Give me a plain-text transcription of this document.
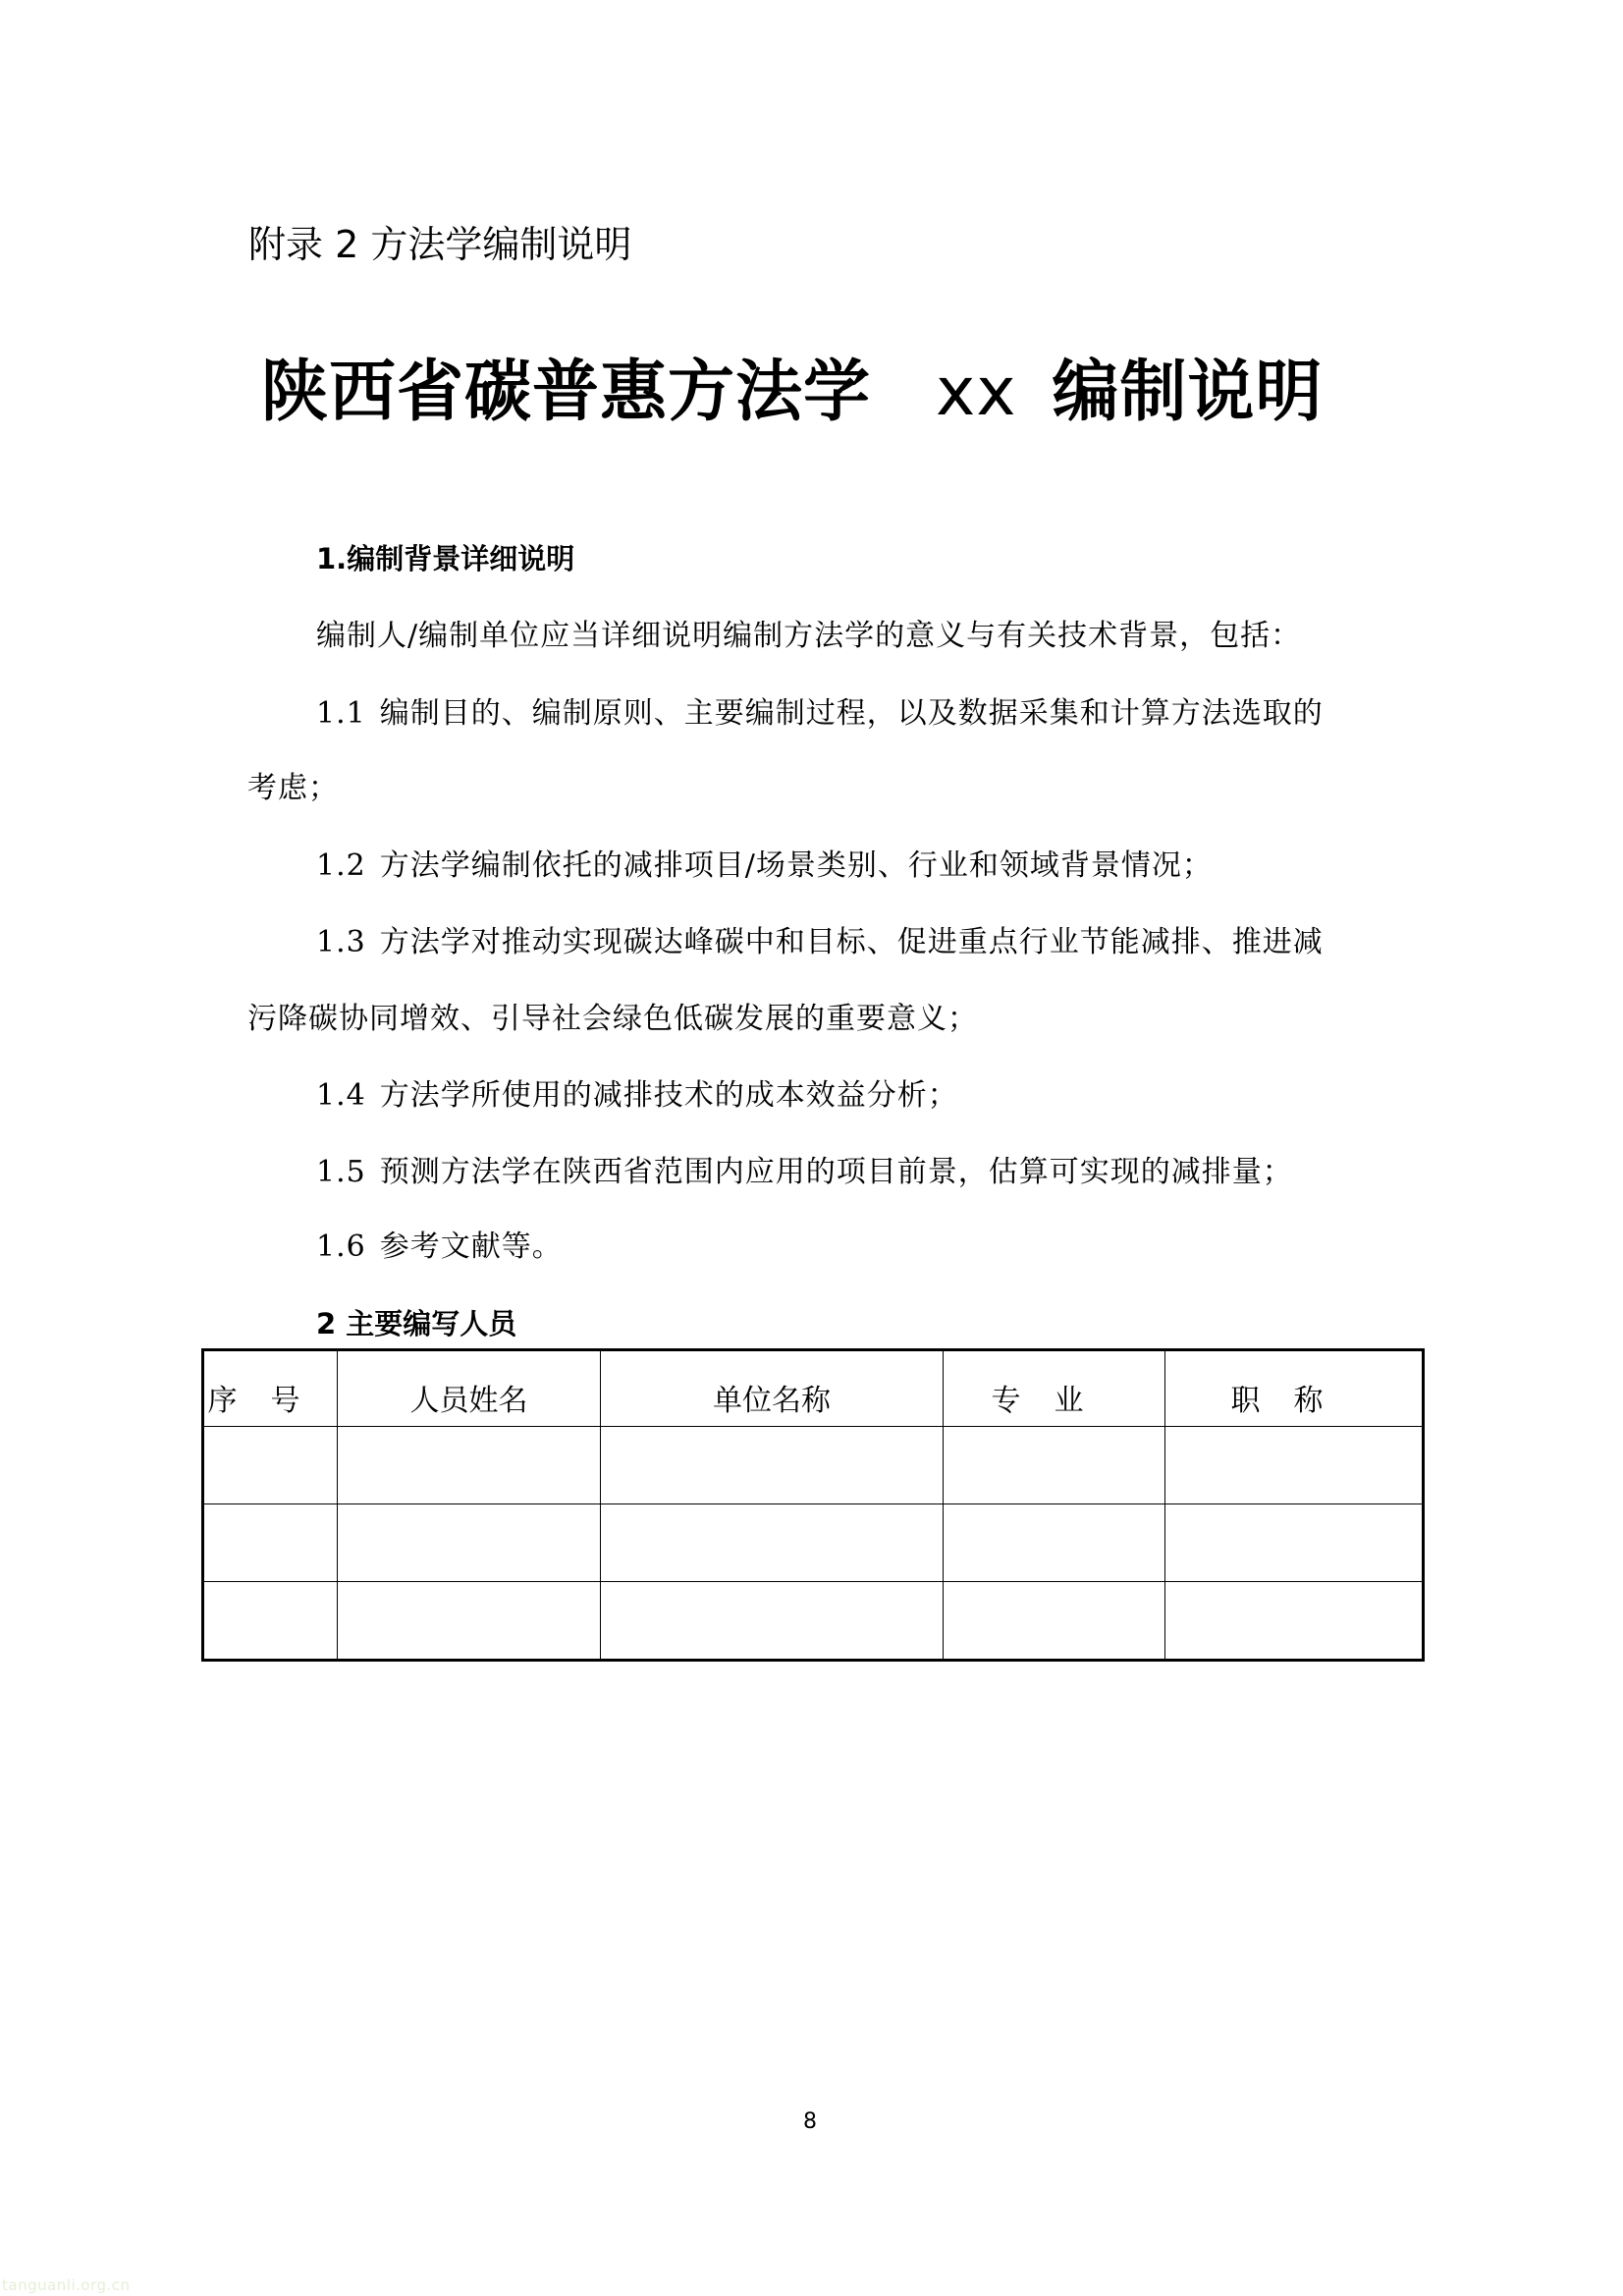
附录 2 方法学编制说明
陕西省碳普惠方法学 xx 编制说明
1.编制背景详细说明
编制人/编制单位应当详细说明编制方法学的意义与有关技术背景，包括：
1.1 编制目的、编制原则、主要编制过程，以及数据采集和计算方法选取的
考虑；
1.2 方法学编制依托的减排项目/场景类别、行业和领域背景情况；
1.3 方法学对推动实现碳达峰碳中和目标、促进重点行业节能减排、推进减
污降碳协同增效、引导社会绿色低碳发展的重要意义；
1.4 方法学所使用的减排技术的成本效益分析；
1.5 预测方法学在陕西省范围内应用的项目前景，估算可实现的减排量；
1.6 参考文献等。
2 主要编写人员
序号	人员姓名	单位名称	专业	职称

8
tanguanli.org.cn
